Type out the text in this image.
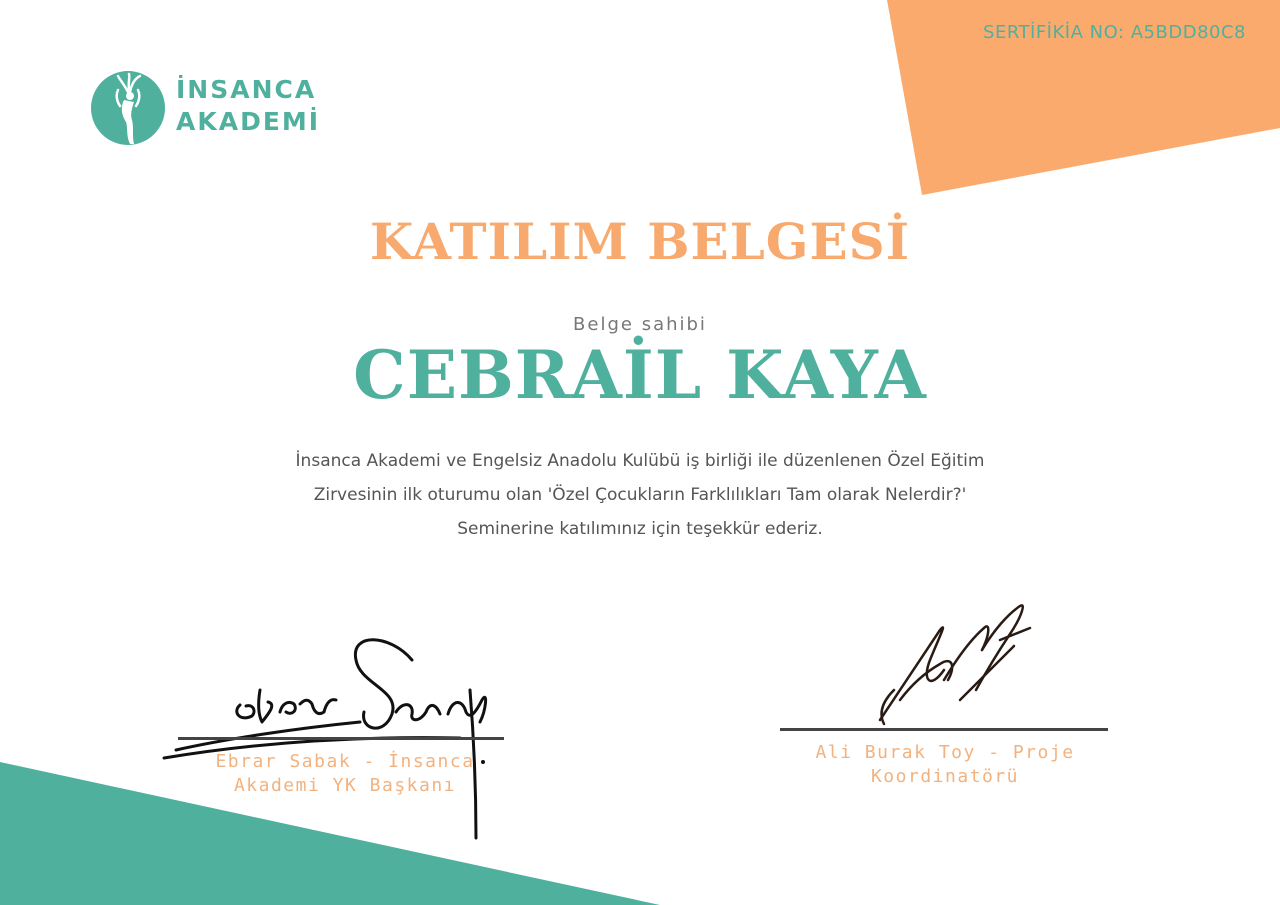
SERTİFİKİA NO: A5BDD80C8
İNSANCA
AKADEMİ
KATILIM BELGESİ
Belge sahibi
CEBRAİL KAYA
İnsanca Akademi ve Engelsiz Anadolu Kulübü iş birliği ile düzenlenen Özel Eğitim
Zirvesinin ilk oturumu olan 'Özel Çocukların Farklılıkları Tam olarak Nelerdir?'
Seminerine katılımınız için teşekkür ederiz.
Ebrar Sabak - İnsanca
Akademi YK Başkanı
Ali Burak Toy - Proje
Koordinatörü
